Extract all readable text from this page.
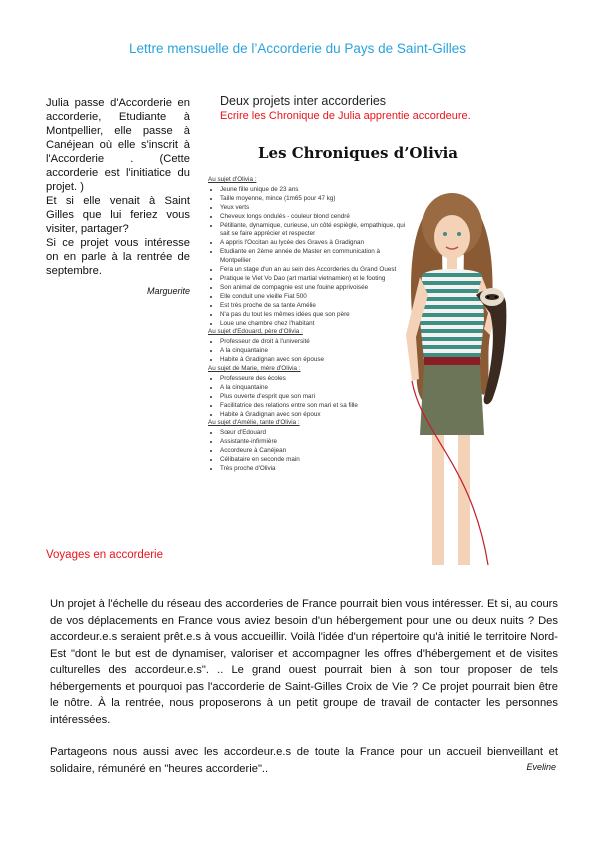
Lettre mensuelle de l’Accorderie du Pays de Saint-Gilles

Julia passe d'Accorderie en accorderie, Etudiante à Montpellier, elle passe à Canéjean où elle s'inscrit à l'Accorderie . (Cette accorderie est l'initiatice du projet. )

Et si elle venait à Saint Gilles que lui feriez vous visiter, partager?

Si ce projet vous intéresse on en parle à la rentrée de septembre.

Marguerite
Deux projets inter accorderies
Ecrire les Chronique de Julia apprentie accordeure.
Les Chroniques d’Olivia
Au sujet d'Olivia :
• Jeune fille unique de 23 ans
• Taille moyenne, mince (1m65 pour 47 kg)
• Yeux verts
• Cheveux longs ondulés - couleur blond cendré
• Pétillante, dynamique, curieuse, un côté espiègle, empathique, qui sait se faire apprécier et respecter
• A appris l'Occitan au lycée des Graves à Gradignan
• Etudiante en 2ème année de Master en communication à Montpellier
• Fera un stage d'un an au sein des Accorderies du Grand Ouest
• Pratique le Viet Vo Dao (art martial vietnamien) et le footing
• Son animal de compagnie est une fouine apprivoisée
• Elle conduit une vieille Fiat 500
• Est très proche de sa tante Amélie
• N'a pas du tout les mêmes idées que son père
• Loue une chambre chez l'habitant
Au sujet d'Edouard, père d'Olivia :
• Professeur de droit à l'université
• A la cinquantaine
• Habite à Gradignan avec son épouse
Au sujet de Marie, mère d'Olivia :
• Professeure des écoles
• A la cinquantaine
• Plus ouverte d'esprit que son mari
• Facilitatrice des relations entre son mari et sa fille
• Habite à Gradignan avec son époux
Au sujet d'Amélie, tante d'Olivia :
• Sœur d'Edouard
• Assistante-infirmière
• Accordeure à Canéjean
• Célibataire en seconde main
• Très proche d'Olivia
Voyages en accorderie

Un projet à l'échelle du réseau des accorderies de France pourrait bien vous intéresser. Et si, au cours de vos déplacements en France vous aviez besoin d'un hébergement pour une ou deux nuits ? Des accordeur.e.s seraient prêt.e.s à vous accueillir. Voilà l'idée d'un répertoire qu'à initié le territoire Nord-Est "dont le but est de dynamiser, valoriser et accompagner les offres d'hébergement et de visites culturelles des accordeur.e.s". .. Le grand ouest pourrait bien à son tour proposer de tels hébergements et pourquoi pas l'accorderie de Saint-Gilles Croix de Vie ? Ce projet pourrait bien être le nôtre. À la rentrée, nous proposerons à un petit groupe de travail de contacter les personnes intéressées.

Partageons nous aussi avec les accordeur.e.s de toute la France pour un accueil bienveillant et solidaire, rémunéré en "heures accorderie"..	Eveline
